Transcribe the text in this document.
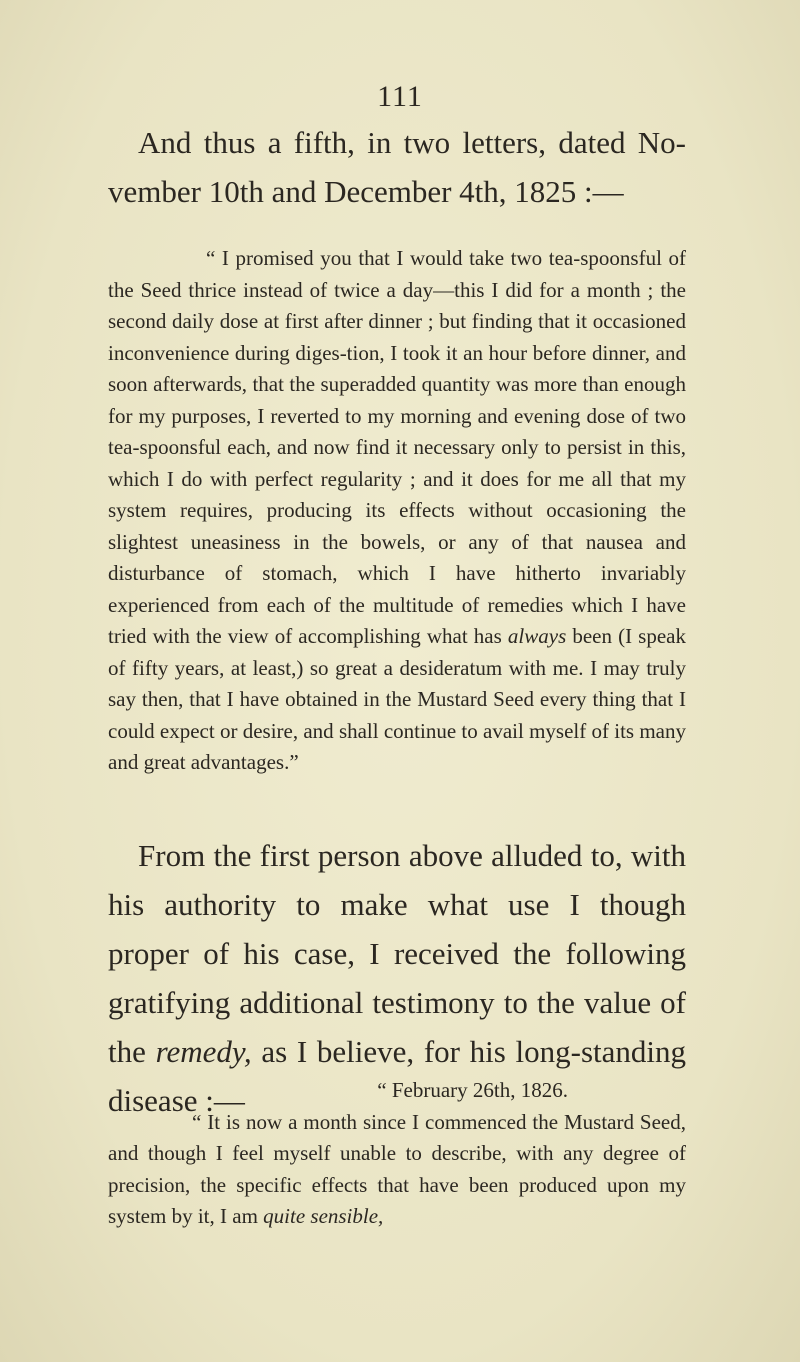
111

And thus a fifth, in two letters, dated No-vember 10th and December 4th, 1825 :—

“ I promised you that I would take two tea-spoonsful of the Seed thrice instead of twice a day—this I did for a month ; the second daily dose at first after dinner ; but finding that it occasioned inconvenience during diges-tion, I took it an hour before dinner, and soon afterwards, that the superadded quantity was more than enough for my purposes, I reverted to my morning and evening dose of two tea-spoonsful each, and now find it necessary only to persist in this, which I do with perfect regularity ; and it does for me all that my system requires, producing its effects without occasioning the slightest uneasiness in the bowels, or any of that nausea and disturbance of stomach, which I have hitherto invariably experienced from each of the multitude of remedies which I have tried with the view of accomplishing what has always been (I speak of fifty years, at least,) so great a desideratum with me. I may truly say then, that I have obtained in the Mustard Seed every thing that I could expect or desire, and shall continue to avail myself of its many and great advantages.”

From the first person above alluded to, with his authority to make what use I though proper of his case, I received the following gratifying additional testimony to the value of the remedy, as I believe, for his long-standing disease :—	“ February 26th, 1826.

“ It is now a month since I commenced the Mustard Seed, and though I feel myself unable to describe, with any degree of precision, the specific effects that have been produced upon my system by it, I am quite sensible,
